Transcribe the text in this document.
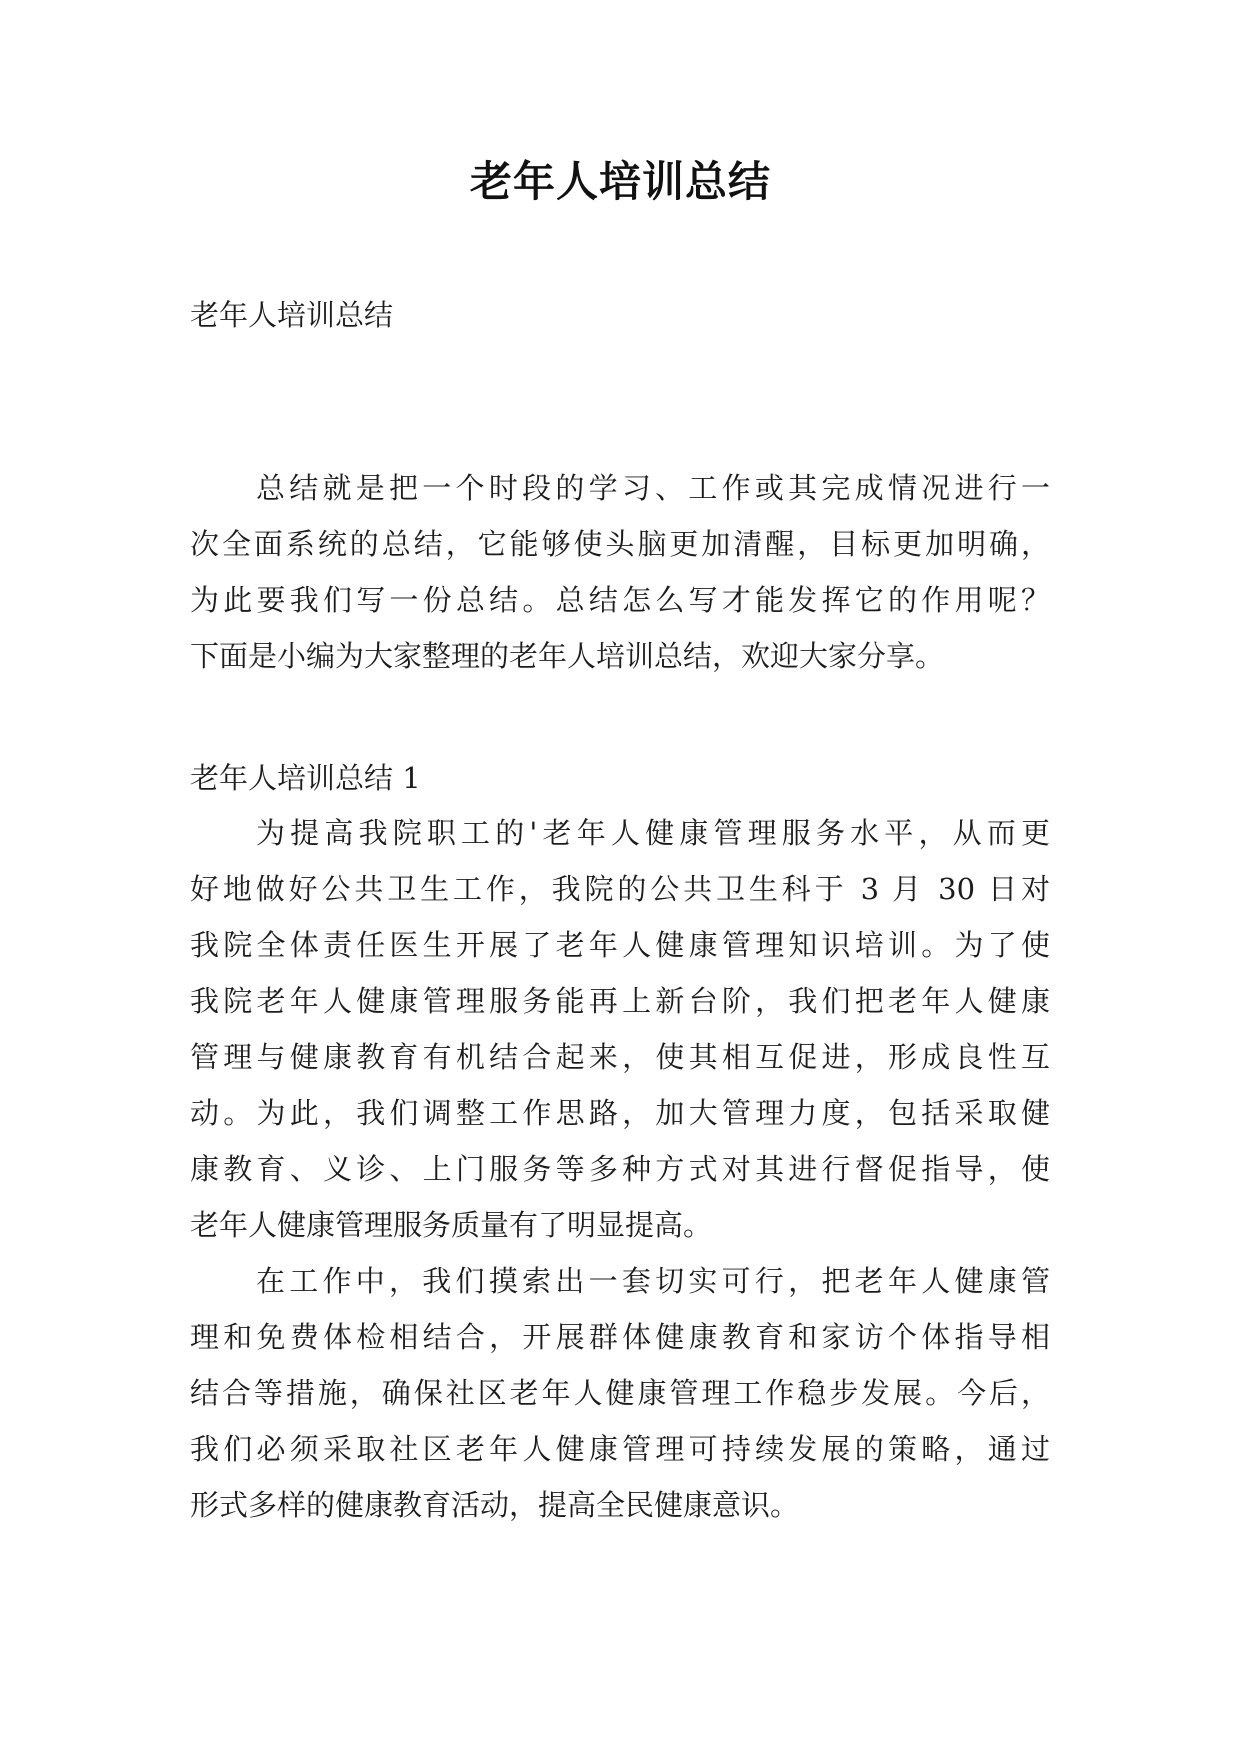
老年人培训总结
老年人培训总结
总结就是把一个时段的学习、工作或其完成情况进行一
次全面系统的总结，它能够使头脑更加清醒，目标更加明确，
为此要我们写一份总结。总结怎么写才能发挥它的作用呢？
下面是小编为大家整理的老年人培训总结，欢迎大家分享。
老年人培训总结 1
为提高我院职工的'老年人健康管理服务水平，从而更
好地做好公共卫生工作，我院的公共卫生科于 3 月 30 日对
我院全体责任医生开展了老年人健康管理知识培训。为了使
我院老年人健康管理服务能再上新台阶，我们把老年人健康
管理与健康教育有机结合起来，使其相互促进，形成良性互
动。为此，我们调整工作思路，加大管理力度，包括采取健
康教育、义诊、上门服务等多种方式对其进行督促指导，使
老年人健康管理服务质量有了明显提高。
在工作中，我们摸索出一套切实可行，把老年人健康管
理和免费体检相结合，开展群体健康教育和家访个体指导相
结合等措施，确保社区老年人健康管理工作稳步发展。今后，
我们必须采取社区老年人健康管理可持续发展的策略，通过
形式多样的健康教育活动，提高全民健康意识。
